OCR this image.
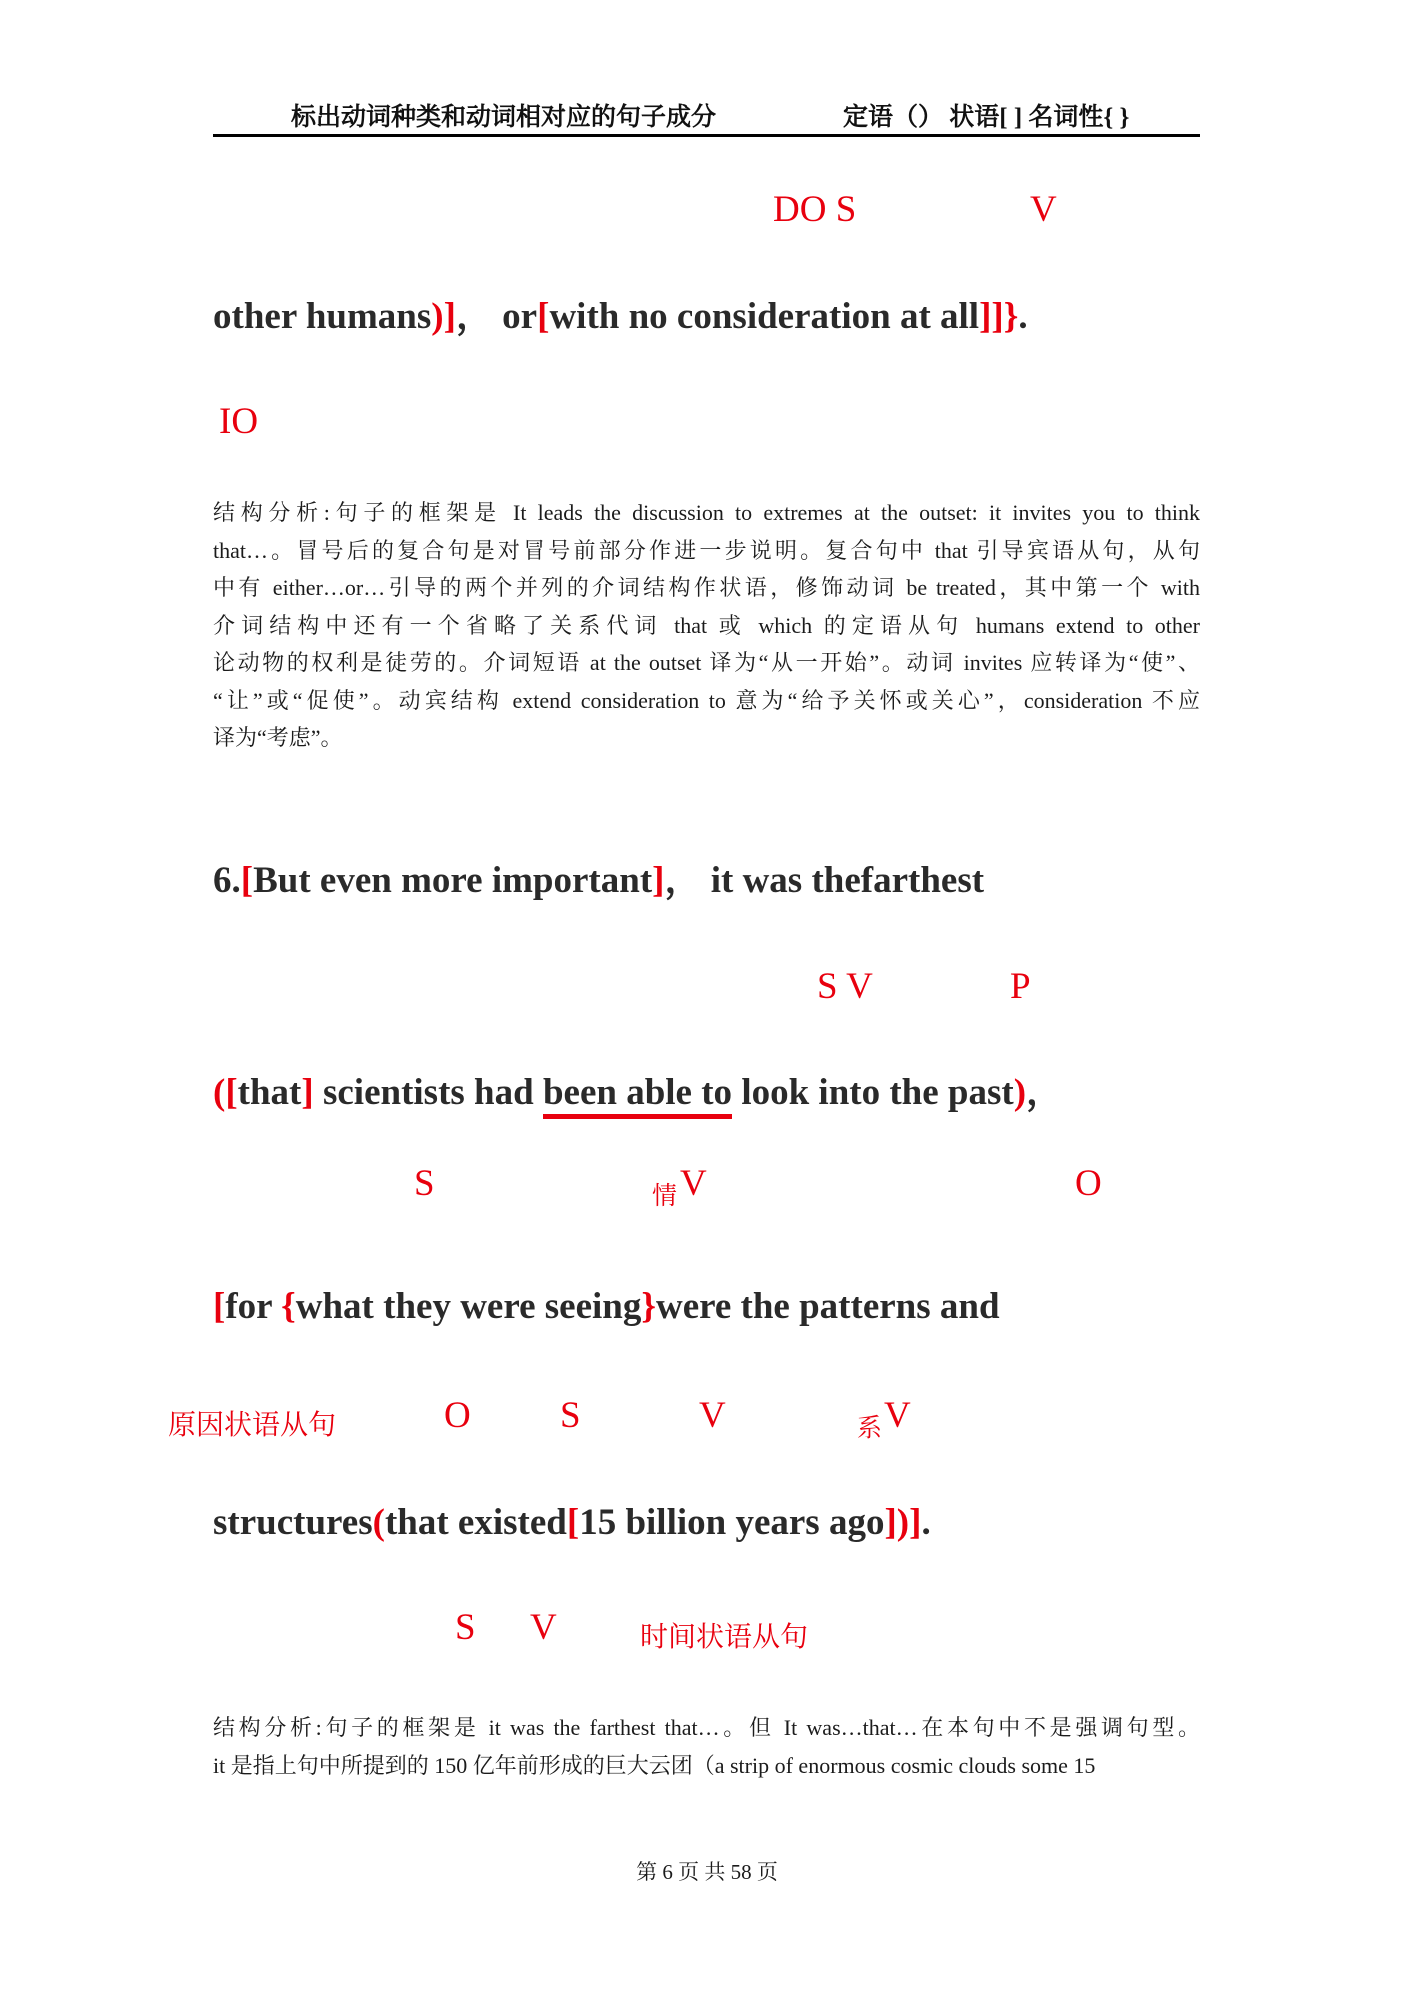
标出动词种类和动词相对应的句子成分	定语（） 状语[ ] 名词性{ }
DO S	V
other humans)]， or[with no consideration at all]]}.
IO
结构分析:句子的框架是 It leads the discussion to extremes at the outset: it invites you to think
that…。冒号后的复合句是对冒号前部分作进一步说明。复合句中 that 引导宾语从句，从句
中有 either…or…引导的两个并列的介词结构作状语，修饰动词 be treated，其中第一个 with
介词结构中还有一个省略了关系代词 that 或 which 的定语从句 humans extend to other
论动物的权利是徒劳的。介词短语 at the outset 译为“从一开始”。动词 invites 应转译为“使”、
“让”或“促使”。动宾结构 extend consideration to 意为“给予关怀或关心”，consideration 不应
译为“考虑”。
6.[But even more important]， it was thefarthest
S V	P
([that] scientists had been able to look into the past)，
S	情 V	O
[for {what they were seeing}were the patterns and
原因状语从句	O S	V	系 V
structures(that existed[15 billion years ago])].
S V	时间状语从句
结构分析:句子的框架是 it was the farthest that…。但 It was…that…在本句中不是强调句型。
it 是指上句中所提到的 150 亿年前形成的巨大云团（a strip of enormous cosmic clouds some 15
第 6 页 共 58 页
